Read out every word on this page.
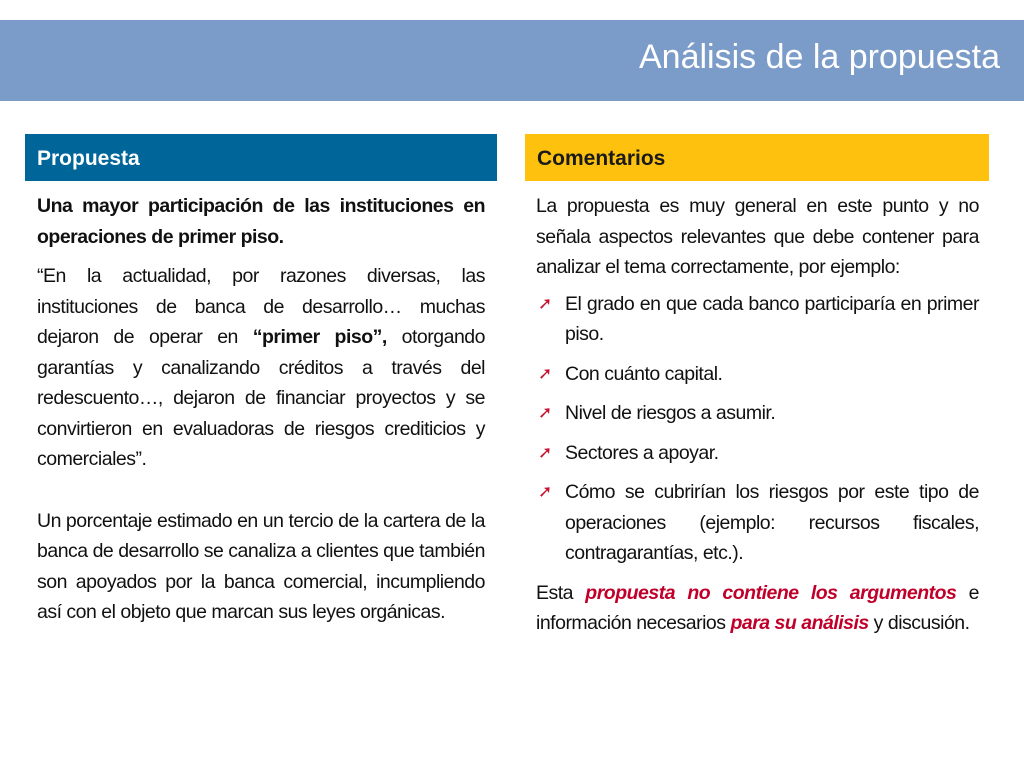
Análisis de la propuesta
Propuesta

Una mayor participación de las instituciones en operaciones de primer piso.

“En la actualidad, por razones diversas, las instituciones de banca de desarrollo… muchas dejaron de operar en “primer piso”, otorgando garantías y canalizando créditos a través del redescuento…, dejaron de financiar proyectos y se convirtieron en evaluadoras de riesgos crediticios y comerciales”.

Un porcentaje estimado en un tercio de la cartera de la banca de desarrollo se canaliza a clientes que también son apoyados por la banca comercial, incumpliendo así con el objeto que marcan sus leyes orgánicas.

Comentarios

La propuesta es muy general en este punto y no señala aspectos relevantes que debe contener para analizar el tema correctamente, por ejemplo:

➚ El grado en que cada banco participaría en primer piso.
➚ Con cuánto capital.
➚ Nivel de riesgos a asumir.
➚ Sectores a apoyar.
➚ Cómo se cubrirían los riesgos por este tipo de operaciones (ejemplo: recursos fiscales, contragarantías, etc.).

Esta propuesta no contiene los argumentos e información necesarios para su análisis y discusión.
